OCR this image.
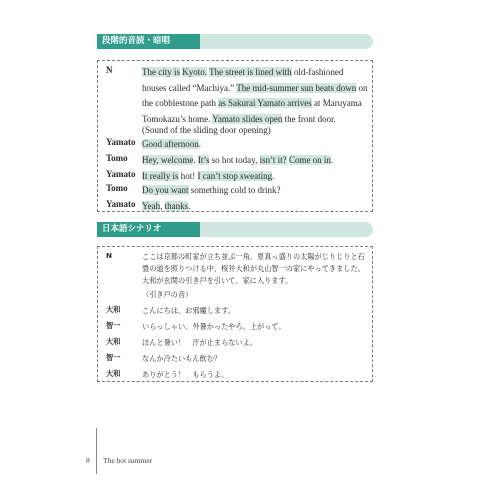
段階的音読・暗唱
N	The city is Kyoto. The street is lined with old-fashioned houses called “Machiya.” The mid-summer sun beats down on the cobblestone path as Sakurai Yamato arrives at Maruyama Tomokazu’s home. Yamato slides open the front door.
(Sound of the sliding door opening)
Yamato Good afternoon.
Tomo Hey, welcome. It’s so hot today, isn’t it? Come on in.
Yamato It really is hot! I can’t stop sweating.
Tomo Do you want something cold to drink?
Yamato Yeah, thanks.
日本語シナリオ
N	ここは京都の町家が立ち並ぶ一角。夏真っ盛りの太陽がじりじりと石畳の道を照りつける中、桜井大和が丸山智一の家にやってきました。大和が玄関の引き戸を引いて、家に入ります。
（引き戸の音）
大和	こんにちは。お邪魔します。
智一	いらっしゃい。外暑かったやろ。上がって。
大和	ほんと暑い！　汗が止まらないよ。
智一	なんか冷たいもん飲む？
大和	ありがとう！　もらうよ。
8 The hot summer
